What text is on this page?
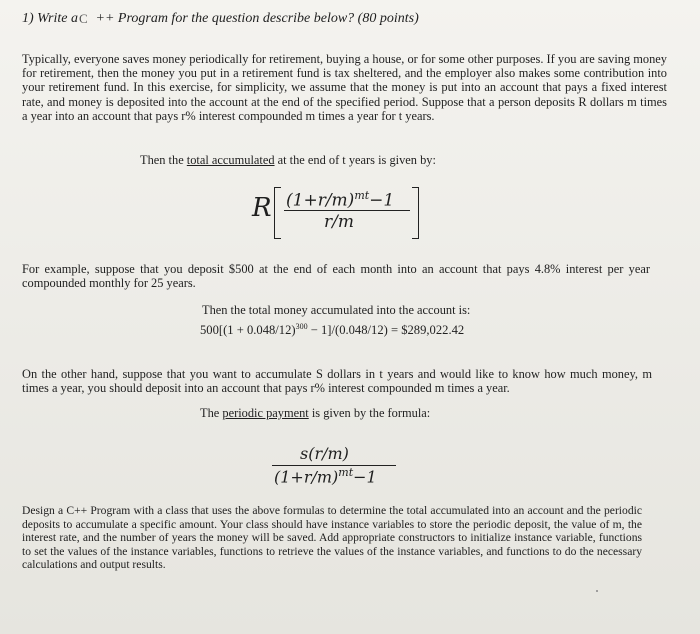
1) Write a ++ Program for the question describe below? (80 points)
C

Typically, everyone saves money periodically for retirement, buying a house, or for some other purposes. If you are saving money for retirement, then the money you put in a retirement fund is tax sheltered, and the employer also makes some contribution into your retirement fund. In this exercise, for simplicity, we assume that the money is put into an account that pays a fixed interest rate, and money is deposited into the account at the end of the specified period. Suppose that a person deposits R dollars m times a year into an account that pays r% interest compounded m times a year for t years.

Then the total accumulated at the end of t years is given by:
R $(1+r/m)^{mt}-1$
r/m

For example, suppose that you deposit $500 at the end of each month into an account that pays 4.8% interest per year compounded monthly for 25 years.

Then the total money accumulated into the account is:
$500[(1 + 0.048/12)^{300} - 1]/(0.048/12)$ = $289,022.42

On the other hand, suppose that you want to accumulate S dollars in t years and would like to know how much money, m times a year, you should deposit into an account that pays r% interest compounded m times a year.

The periodic payment is given by the formula:
s(r/m)
$(1+r/m)^{mt}-1$

Design a C++ Program with a class that uses the above formulas to determine the total accumulated into an account and the periodic deposits to accumulate a specific amount. Your class should have instance variables to store the periodic deposit, the value of m, the interest rate, and the number of years the money will be saved. Add appropriate constructors to initialize instance variable, functions to set the values of the instance variables, functions to retrieve the values of the instance variables, and functions to do the necessary calculations and output results.
